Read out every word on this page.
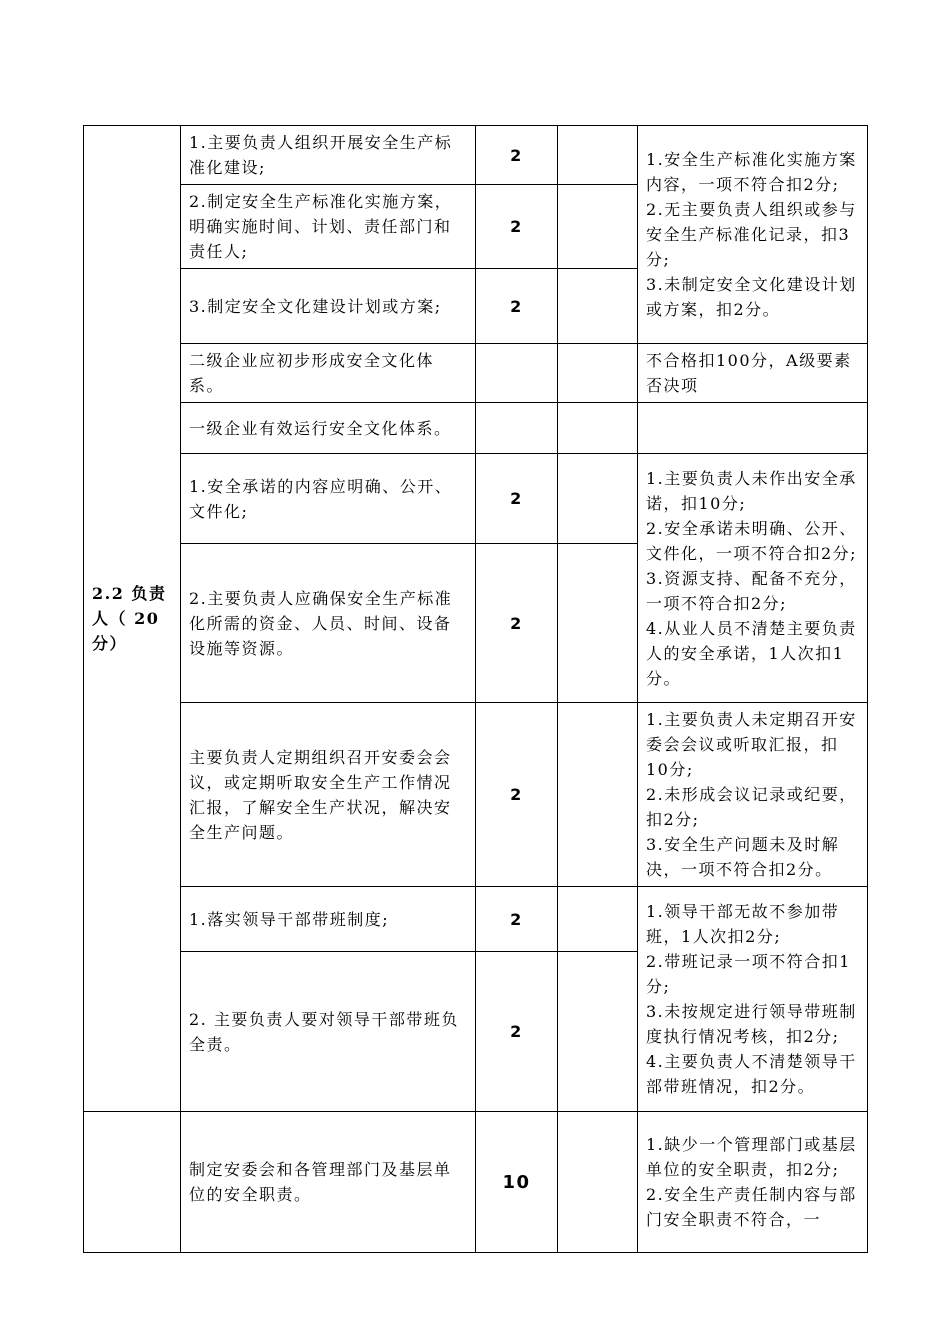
2.2 负责人（ 20分）	1.主要负责人组织开展安全生产标准化建设;	2		1.安全生产标准化实施方案内容，一项不符合扣2分;
2.无主要负责人组织或参与安全生产标准化记录，扣3分;
3.未制定安全文化建设计划或方案，扣2分。

	2.制定安全生产标准化实施方案，明确实施时间、计划、责任部门和责任人;	2		
	3.制定安全文化建设计划或方案;	2		
	二级企业应初步形成安全文化体系。			不合格扣100分，A级要素否决项

	一级企业有效运行安全文化体系。			
	1.安全承诺的内容应明确、公开、文件化;	2		1.主要负责人未作出安全承诺，扣10分;
2.安全承诺未明确、公开、文件化，一项不符合扣2分;
3.资源支持、配备不充分，一项不符合扣2分;
4.从业人员不清楚主要负责人的安全承诺，1人次扣1分。

	2.主要负责人应确保安全生产标准化所需的资金、人员、时间、设备设施等资源。	2		
	主要负责人定期组织召开安委会会议，或定期听取安全生产工作情况汇报，了解安全生产状况，解决安全生产问题。	2		1.主要负责人未定期召开安委会会议或听取汇报，扣10分;
2.未形成会议记录或纪要，扣2分;
3.安全生产问题未及时解决，一项不符合扣2分。

	1.落实领导干部带班制度;	2		1.领导干部无故不参加带班，1人次扣2分;
2.带班记录一项不符合扣1分;
3.未按规定进行领导带班制度执行情况考核，扣2分;
4.主要负责人不清楚领导干部带班情况，扣2分。

	2. 主要负责人要对领导干部带班负全责。	2		
	制定安委会和各管理部门及基层单位的安全职责。	10		1.缺少一个管理部门或基层单位的安全职责，扣2分;
2.安全生产责任制内容与部门安全职责不符合，一
